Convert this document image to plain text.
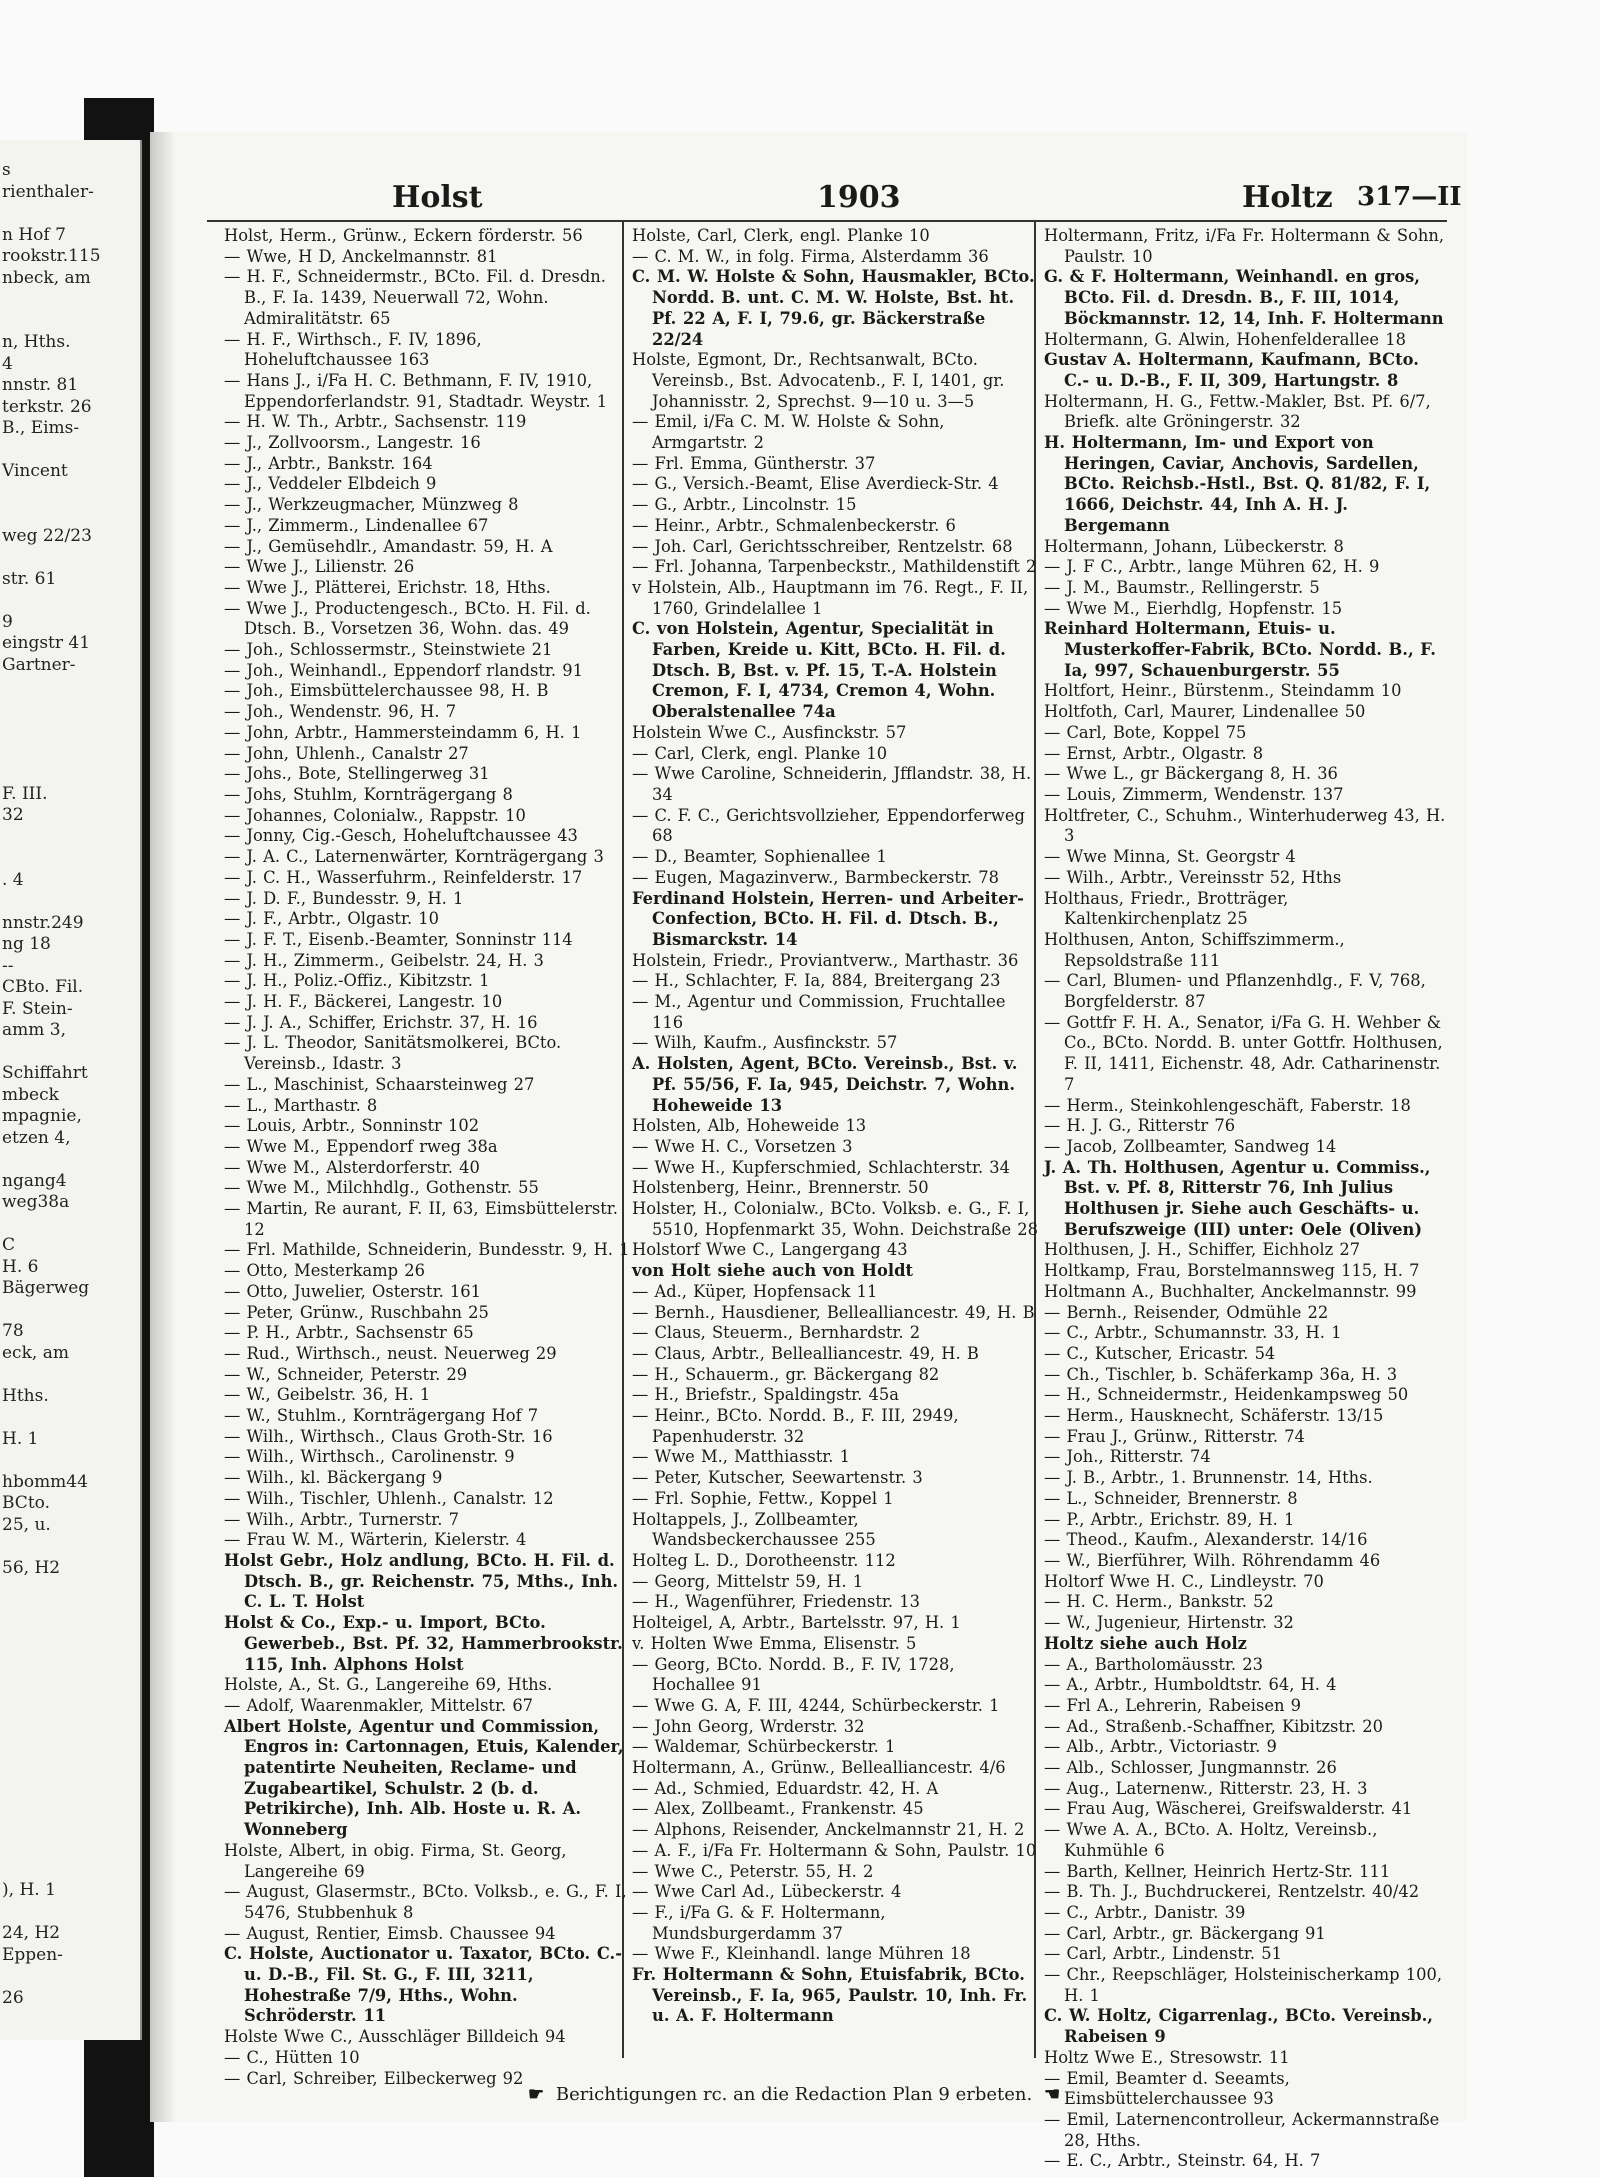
s
rienthaler-
n Hof 7
rookstr.115
nbeck, am
n, Hths.
4
nnstr. 81
terkstr. 26
B., Eims-
Vincent
weg 22/23
str. 61
9
eingstr 41
Gartner-
F. III.
32
. 4
nnstr.249
ng 18
--
CBto. Fil.
F. Stein-
amm 3,
Schiffahrt
mbeck
mpagnie,
etzen 4,
ngang4
weg38a
C
H. 6
Bägerweg
78
eck, am
Hths.
H. 1
hbomm44
BCto.
25, u.
56, H2
), H. 1
24, H2
Eppen-
26
Holst	1903	Holtz 317—II
Holst, Herm., Grünw., Eckern förderstr. 56
— Wwe, H D, Anckelmannstr. 81
— H. F., Schneidermstr., BCto. Fil. d. Dresdn. B., F. Ia. 1439, Neuerwall 72, Wohn. Admiralitätstr. 65
— H. F., Wirthsch., F. IV, 1896, Hoheluftchaussee 163
— Hans J., i/Fa H. C. Bethmann, F. IV, 1910, Eppendorferlandstr. 91, Stadtadr. Weystr. 1
— H. W. Th., Arbtr., Sachsenstr. 119
— J., Zollvoorsm., Langestr. 16
— J., Arbtr., Bankstr. 164
— J., Veddeler Elbdeich 9
— J., Werkzeugmacher, Münzweg 8
— J., Zimmerm., Lindenallee 67
— J., Gemüsehdlr., Amandastr. 59, H. A
— Wwe J., Lilienstr. 26
— Wwe J., Plätterei, Erichstr. 18, Hths.
— Wwe J., Productengesch., BCto. H. Fil. d. Dtsch. B., Vorsetzen 36, Wohn. das. 49
— Joh., Schlossermstr., Steinstwiete 21
— Joh., Weinhandl., Eppendorf rlandstr. 91
— Joh., Eimsbüttelerchaussee 98, H. B
— Joh., Wendenstr. 96, H. 7
— John, Arbtr., Hammersteindamm 6, H. 1
— John, Uhlenh., Canalstr 27
— Johs., Bote, Stellingerweg 31
— Johs, Stuhlm, Kornträgergang 8
— Johannes, Colonialw., Rappstr. 10
— Jonny, Cig.-Gesch, Hoheluftchaussee 43
— J. A. C., Laternenwärter, Kornträgergang 3
— J. C. H., Wasserfuhrm., Reinfelderstr. 17
— J. D. F., Bundesstr. 9, H. 1
— J. F., Arbtr., Olgastr. 10
— J. F. T., Eisenb.-Beamter, Sonninstr 114
— J. H., Zimmerm., Geibelstr. 24, H. 3
— J. H., Poliz.-Offiz., Kibitzstr. 1
— J. H. F., Bäckerei, Langestr. 10
— J. J. A., Schiffer, Erichstr. 37, H. 16
— J. L. Theodor, Sanitätsmolkerei, BCto. Vereinsb., Idastr. 3
— L., Maschinist, Schaarsteinweg 27
— L., Marthastr. 8
— Louis, Arbtr., Sonninstr 102
— Wwe M., Eppendorf rweg 38a
— Wwe M., Alsterdorferstr. 40
— Wwe M., Milchhdlg., Gothenstr. 55
— Martin, Re aurant, F. II, 63, Eimsbüttelerstr. 12
— Frl. Mathilde, Schneiderin, Bundesstr. 9, H. 1
— Otto, Mesterkamp 26
— Otto, Juwelier, Osterstr. 161
— Peter, Grünw., Ruschbahn 25
— P. H., Arbtr., Sachsenstr 65
— Rud., Wirthsch., neust. Neuerweg 29
— W., Schneider, Peterstr. 29
— W., Geibelstr. 36, H. 1
— W., Stuhlm., Kornträgergang Hof 7
— Wilh., Wirthsch., Claus Groth-Str. 16
— Wilh., Wirthsch., Carolinenstr. 9
— Wilh., kl. Bäckergang 9
— Wilh., Tischler, Uhlenh., Canalstr. 12
— Wilh., Arbtr., Turnerstr. 7
— Frau W. M., Wärterin, Kielerstr. 4
Holst Gebr., Holz andlung, BCto. H. Fil. d. Dtsch. B., gr. Reichenstr. 75, Mths., Inh. C. L. T. Holst
Holst & Co., Exp.- u. Import, BCto. Gewerbeb., Bst. Pf. 32, Hammerbrookstr. 115, Inh. Alphons Holst
Holste, A., St. G., Langereihe 69, Hths.
— Adolf, Waarenmakler, Mittelstr. 67
Albert Holste, Agentur und Commission, Engros in: Cartonnagen, Etuis, Kalender, patentirte Neuheiten, Reclame- und Zugabeartikel, Schulstr. 2 (b. d. Petrikirche), Inh. Alb. Hoste u. R. A. Wonneberg
Holste, Albert, in obig. Firma, St. Georg, Langereihe 69
— August, Glasermstr., BCto. Volksb., e. G., F. I, 5476, Stubbenhuk 8
— August, Rentier, Eimsb. Chaussee 94
C. Holste, Auctionator u. Taxator, BCto. C.- u. D.-B., Fil. St. G., F. III, 3211, Hohestraße 7/9, Hths., Wohn. Schröderstr. 11
Holste Wwe C., Ausschläger Billdeich 94
— C., Hütten 10
— Carl, Schreiber, Eilbeckerweg 92
Holste, Carl, Clerk, engl. Planke 10
— C. M. W., in folg. Firma, Alsterdamm 36
C. M. W. Holste & Sohn, Hausmakler, BCto. Nordd. B. unt. C. M. W. Holste, Bst. ht. Pf. 22 A, F. I, 79.6, gr. Bäckerstraße 22/24
Holste, Egmont, Dr., Rechtsanwalt, BCto. Vereinsb., Bst. Advocatenb., F. I, 1401, gr. Johannisstr. 2, Sprechst. 9—10 u. 3—5
— Emil, i/Fa C. M. W. Holste & Sohn, Armgartstr. 2
— Frl. Emma, Güntherstr. 37
— G., Versich.-Beamt, Elise Averdieck-Str. 4
— G., Arbtr., Lincolnstr. 15
— Heinr., Arbtr., Schmalenbeckerstr. 6
— Joh. Carl, Gerichtsschreiber, Rentzelstr. 68
— Frl. Johanna, Tarpenbeckstr., Mathildenstift 2
v Holstein, Alb., Hauptmann im 76. Regt., F. II, 1760, Grindelallee 1
C. von Holstein, Agentur, Specialität in Farben, Kreide u. Kitt, BCto. H. Fil. d. Dtsch. B, Bst. v. Pf. 15, T.-A. Holstein Cremon, F. I, 4734, Cremon 4, Wohn. Oberalstenallee 74a
Holstein Wwe C., Ausfinckstr. 57
— Carl, Clerk, engl. Planke 10
— Wwe Caroline, Schneiderin, Jfflandstr. 38, H. 34
— C. F. C., Gerichtsvollzieher, Eppendorferweg 68
— D., Beamter, Sophienallee 1
— Eugen, Magazinverw., Barmbeckerstr. 78
Ferdinand Holstein, Herren- und Arbeiter-Confection, BCto. H. Fil. d. Dtsch. B., Bismarckstr. 14
Holstein, Friedr., Proviantverw., Marthastr. 36
— H., Schlachter, F. Ia, 884, Breitergang 23
— M., Agentur und Commission, Fruchtallee 116
— Wilh, Kaufm., Ausfinckstr. 57
A. Holsten, Agent, BCto. Vereinsb., Bst. v. Pf. 55/56, F. Ia, 945, Deichstr. 7, Wohn. Hoheweide 13
Holsten, Alb, Hoheweide 13
— Wwe H. C., Vorsetzen 3
— Wwe H., Kupferschmied, Schlachterstr. 34
Holstenberg, Heinr., Brennerstr. 50
Holster, H., Colonialw., BCto. Volksb. e. G., F. I, 5510, Hopfenmarkt 35, Wohn. Deichstraße 28
Holstorf Wwe C., Langergang 43
von Holt siehe auch von Holdt
— Ad., Küper, Hopfensack 11
— Bernh., Hausdiener, Bellealliancestr. 49, H. B
— Claus, Steuerm., Bernhardstr. 2
— Claus, Arbtr., Bellealliancestr. 49, H. B
— H., Schauerm., gr. Bäckergang 82
— H., Briefstr., Spaldingstr. 45a
— Heinr., BCto. Nordd. B., F. III, 2949, Papenhuderstr. 32
— Wwe M., Matthiasstr. 1
— Peter, Kutscher, Seewartenstr. 3
— Frl. Sophie, Fettw., Koppel 1
Holtappels, J., Zollbeamter, Wandsbeckerchaussee 255
Holteg L. D., Dorotheenstr. 112
— Georg, Mittelstr 59, H. 1
— H., Wagenführer, Friedenstr. 13
Holteigel, A, Arbtr., Bartelsstr. 97, H. 1
v. Holten Wwe Emma, Elisenstr. 5
— Georg, BCto. Nordd. B., F. IV, 1728, Hochallee 91
— Wwe G. A, F. III, 4244, Schürbeckerstr. 1
— John Georg, Wrderstr. 32
— Waldemar, Schürbeckerstr. 1
Holtermann, A., Grünw., Bellealliancestr. 4/6
— Ad., Schmied, Eduardstr. 42, H. A
— Alex, Zollbeamt., Frankenstr. 45
— Alphons, Reisender, Anckelmannstr 21, H. 2
— A. F., i/Fa Fr. Holtermann & Sohn, Paulstr. 10
— Wwe C., Peterstr. 55, H. 2
— Wwe Carl Ad., Lübeckerstr. 4
— F., i/Fa G. & F. Holtermann, Mundsburgerdamm 37
— Wwe F., Kleinhandl. lange Mühren 18
Fr. Holtermann & Sohn, Etuisfabrik, BCto. Vereinsb., F. Ia, 965, Paulstr. 10, Inh. Fr. u. A. F. Holtermann
Holtermann, Fritz, i/Fa Fr. Holtermann & Sohn, Paulstr. 10
G. & F. Holtermann, Weinhandl. en gros, BCto. Fil. d. Dresdn. B., F. III, 1014, Böckmannstr. 12, 14, Inh. F. Holtermann
Holtermann, G. Alwin, Hohenfelderallee 18
Gustav A. Holtermann, Kaufmann, BCto. C.- u. D.-B., F. II, 309, Hartungstr. 8
Holtermann, H. G., Fettw.-Makler, Bst. Pf. 6/7, Briefk. alte Gröningerstr. 32
H. Holtermann, Im- und Export von Heringen, Caviar, Anchovis, Sardellen, BCto. Reichsb.-Hstl., Bst. Q. 81/82, F. I, 1666, Deichstr. 44, Inh A. H. J. Bergemann
Holtermann, Johann, Lübeckerstr. 8
— J. F C., Arbtr., lange Mühren 62, H. 9
— J. M., Baumstr., Rellingerstr. 5
— Wwe M., Eierhdlg, Hopfenstr. 15
Reinhard Holtermann, Etuis- u. Musterkoffer-Fabrik, BCto. Nordd. B., F. Ia, 997, Schauenburgerstr. 55
Holtfort, Heinr., Bürstenm., Steindamm 10
Holtfoth, Carl, Maurer, Lindenallee 50
— Carl, Bote, Koppel 75
— Ernst, Arbtr., Olgastr. 8
— Wwe L., gr Bäckergang 8, H. 36
— Louis, Zimmerm, Wendenstr. 137
Holtfreter, C., Schuhm., Winterhuderweg 43, H. 3
— Wwe Minna, St. Georgstr 4
— Wilh., Arbtr., Vereinsstr 52, Hths
Holthaus, Friedr., Brotträger, Kaltenkirchenplatz 25
Holthusen, Anton, Schiffszimmerm., Repsoldstraße 111
— Carl, Blumen- und Pflanzenhdlg., F. V, 768, Borgfelderstr. 87
— Gottfr F. H. A., Senator, i/Fa G. H. Wehber & Co., BCto. Nordd. B. unter Gottfr. Holthusen, F. II, 1411, Eichenstr. 48, Adr. Catharinenstr. 7
— Herm., Steinkohlengeschäft, Faberstr. 18
— H. J. G., Ritterstr 76
— Jacob, Zollbeamter, Sandweg 14
J. A. Th. Holthusen, Agentur u. Commiss., Bst. v. Pf. 8, Ritterstr 76, Inh Julius Holthusen jr. Siehe auch Geschäfts- u. Berufszweige (III) unter: Oele (Oliven)
Holthusen, J. H., Schiffer, Eichholz 27
Holtkamp, Frau, Borstelmannsweg 115, H. 7
Holtmann A., Buchhalter, Anckelmannstr. 99
— Bernh., Reisender, Odmühle 22
— C., Arbtr., Schumannstr. 33, H. 1
— C., Kutscher, Ericastr. 54
— Ch., Tischler, b. Schäferkamp 36a, H. 3
— H., Schneidermstr., Heidenkampsweg 50
— Herm., Hausknecht, Schäferstr. 13/15
— Frau J., Grünw., Ritterstr. 74
— Joh., Ritterstr. 74
— J. B., Arbtr., 1. Brunnenstr. 14, Hths.
— L., Schneider, Brennerstr. 8
— P., Arbtr., Erichstr. 89, H. 1
— Theod., Kaufm., Alexanderstr. 14/16
— W., Bierführer, Wilh. Röhrendamm 46
Holtorf Wwe H. C., Lindleystr. 70
— H. C. Herm., Bankstr. 52
— W., Jugenieur, Hirtenstr. 32
Holtz siehe auch Holz
— A., Bartholomäusstr. 23
— A., Arbtr., Humboldtstr. 64, H. 4
— Frl A., Lehrerin, Rabeisen 9
— Ad., Straßenb.-Schaffner, Kibitzstr. 20
— Alb., Arbtr., Victoriastr. 9
— Alb., Schlosser, Jungmannstr. 26
— Aug., Laternenw., Ritterstr. 23, H. 3
— Frau Aug, Wäscherei, Greifswalderstr. 41
— Wwe A. A., BCto. A. Holtz, Vereinsb., Kuhmühle 6
— Barth, Kellner, Heinrich Hertz-Str. 111
— B. Th. J., Buchdruckerei, Rentzelstr. 40/42
— C., Arbtr., Danistr. 39
— Carl, Arbtr., gr. Bäckergang 91
— Carl, Arbtr., Lindenstr. 51
— Chr., Reepschläger, Holsteinischerkamp 100, H. 1
C. W. Holtz, Cigarrenlag., BCto. Vereinsb., Rabeisen 9
Holtz Wwe E., Stresowstr. 11
— Emil, Beamter d. Seeamts, Eimsbüttelerchaussee 93
— Emil, Laternencontrolleur, Ackermannstraße 28, Hths.
— E. C., Arbtr., Steinstr. 64, H. 7
☛ Berichtigungen rc. an die Redaction Plan 9 erbeten. ☚
